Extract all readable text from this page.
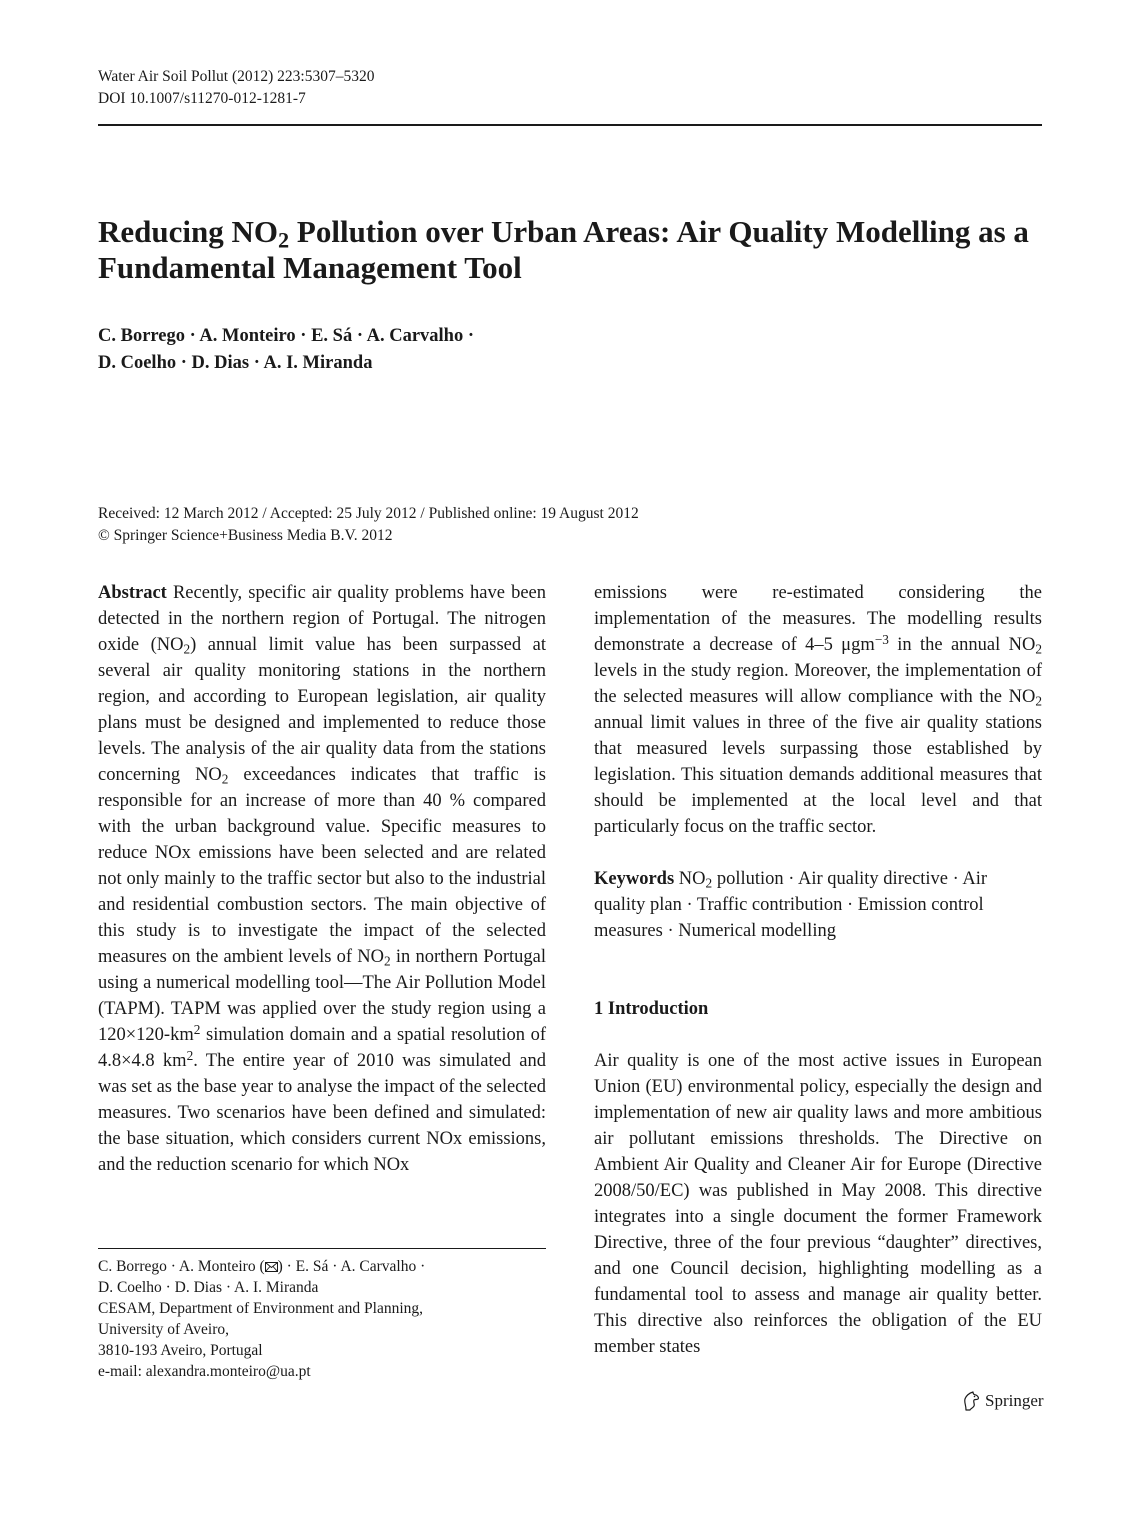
Water Air Soil Pollut (2012) 223:5307–5320
DOI 10.1007/s11270-012-1281-7
Reducing $NO_2$ Pollution over Urban Areas: Air Quality Modelling as a Fundamental Management Tool
C. Borrego · A. Monteiro · E. Sá · A. Carvalho ·
D. Coelho · D. Dias · A. I. Miranda
Received: 12 March 2012 / Accepted: 25 July 2012 / Published online: 19 August 2012
© Springer Science+Business Media B.V. 2012

Abstract Recently, specific air quality problems have been detected in the northern region of Portugal. The nitrogen oxide $(NO_2)$ annual limit value has been surpassed at several air quality monitoring stations in the northern region, and according to European legislation, air quality plans must be designed and implemented to reduce those levels. The analysis of the air quality data from the stations concerning $NO_2$ exceedances indicates that traffic is responsible for an increase of more than 40 % compared with the urban background value. Specific measures to reduce NOx emissions have been selected and are related not only mainly to the traffic sector but also to the industrial and residential combustion sectors. The main objective of this study is to investigate the impact of the selected measures on the ambient levels of $NO_2$ in northern Portugal using a numerical modelling tool—The Air Pollution Model (TAPM). TAPM was applied over the study region using a $120\times 120-km^2$ simulation domain and a spatial resolution of 4.8×4.8 $km^2$. The entire year of 2010 was simulated and was set as the base year to analyse the impact of the selected measures. Two scenarios have been defined and simulated: the base situation, which considers current NOx emissions, and the reduction scenario for which NOx

emissions were re-estimated considering the implementation of the measures. The modelling results demonstrate a decrease of 4–5 μgm$^{-3}$ in the annual $NO_2$ levels in the study region. Moreover, the implementation of the selected measures will allow compliance with the $NO_2$ annual limit values in three of the five air quality stations that measured levels surpassing those established by legislation. This situation demands additional measures that should be implemented at the local level and that particularly focus on the traffic sector.

Keywords $NO_2$ pollution · Air quality directive · Air quality plan · Traffic contribution · Emission control measures · Numerical modelling

1 Introduction

Air quality is one of the most active issues in European Union (EU) environmental policy, especially the design and implementation of new air quality laws and more ambitious air pollutant emissions thresholds. The Directive on Ambient Air Quality and Cleaner Air for Europe (Directive 2008/50/EC) was published in May 2008. This directive integrates into a single document the former Framework Directive, three of the four previous “daughter” directives, and one Council decision, highlighting modelling as a fundamental tool to assess and manage air quality better. This directive also reinforces the obligation of the EU member states

C. Borrego · A. Monteiro ( ) · E. Sá · A. Carvalho ·
D. Coelho · D. Dias · A. I. Miranda
CESAM, Department of Environment and Planning,
University of Aveiro,
3810-193 Aveiro, Portugal
e-mail: alexandra.monteiro@ua.pt
Springer
